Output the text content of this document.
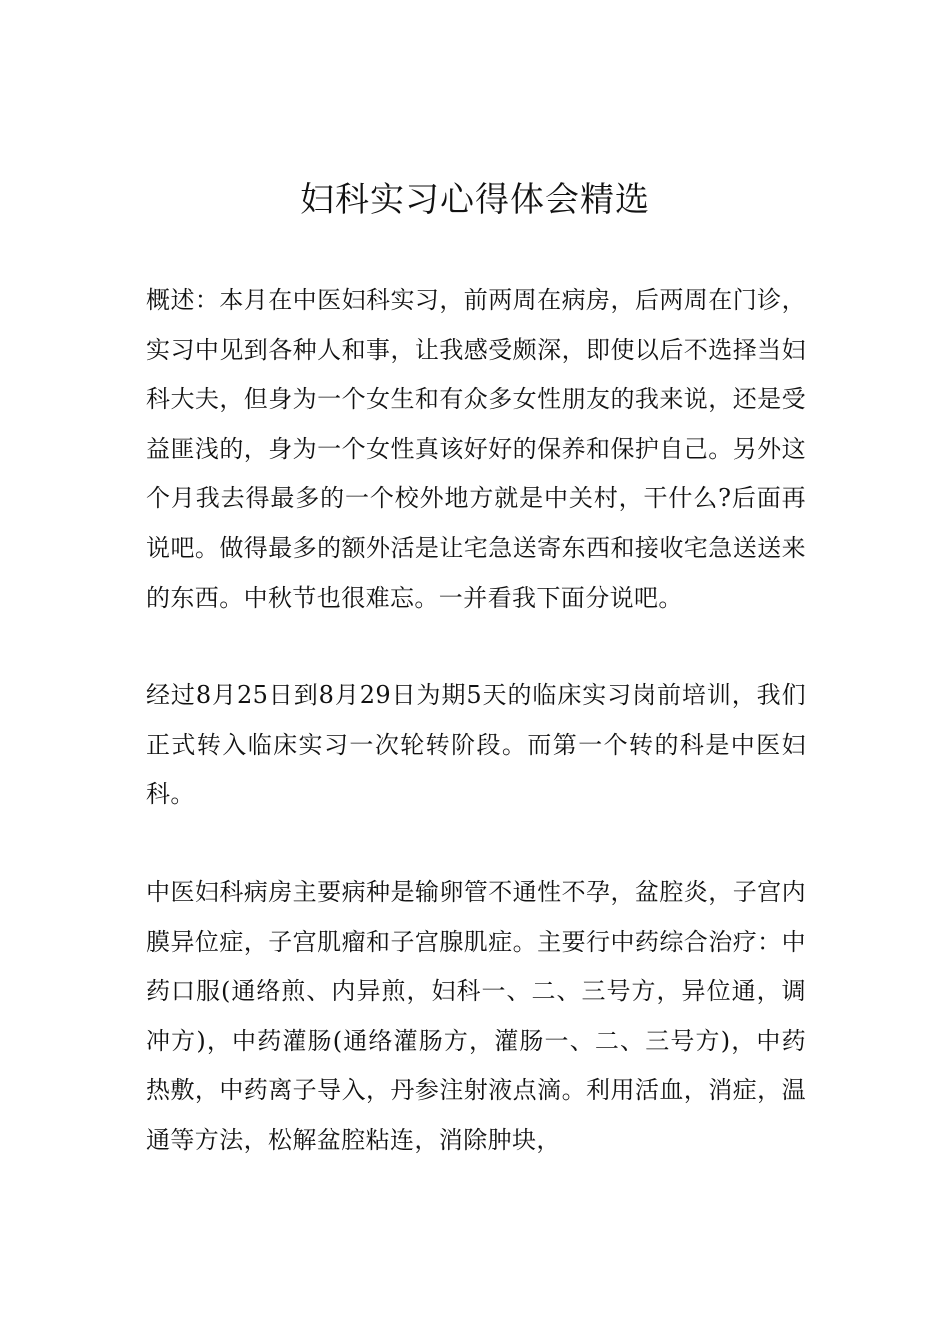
妇科实习心得体会精选

概述：本月在中医妇科实习，前两周在病房，后两周在门诊，实习中见到各种人和事，让我感受颇深，即使以后不选择当妇科大夫，但身为一个女生和有众多女性朋友的我来说，还是受益匪浅的，身为一个女性真该好好的保养和保护自己。另外这个月我去得最多的一个校外地方就是中关村，干什么?后面再说吧。做得最多的额外活是让宅急送寄东西和接收宅急送送来的东西。中秋节也很难忘。一并看我下面分说吧。

经过8月25日到8月29日为期5天的临床实习岗前培训，我们正式转入临床实习一次轮转阶段。而第一个转的科是中医妇科。

中医妇科病房主要病种是输卵管不通性不孕，盆腔炎，子宫内膜异位症，子宫肌瘤和子宫腺肌症。主要行中药综合治疗：中药口服(通络煎、内异煎，妇科一、二、三号方，异位通，调冲方)，中药灌肠(通络灌肠方，灌肠一、二、三号方)，中药热敷，中药离子导入，丹参注射液点滴。利用活血，消症，温通等方法，松解盆腔粘连，消除肿块，
